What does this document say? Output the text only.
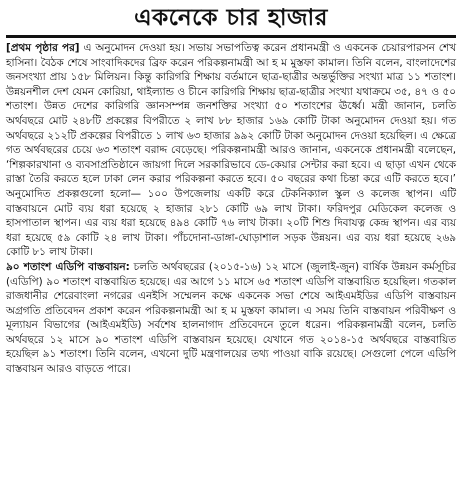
একনেকে চার হাজার

[প্রথম পৃষ্ঠার পর] এ অনুমোদন দেওয়া হয়। সভায় সভাপতিত্ব করেন প্রধানমন্ত্রী ও একনেক চেয়ারপারসন শেখ হাসিনা। বৈঠক শেষে সাংবাদিকদের ব্রিফ করেন পরিকল্পনামন্ত্রী আ হ ম মুস্তফা কামাল। তিনি বলেন, বাংলাদেশের জনসংখ্যা প্রায় ১৫৮ মিলিয়ন। কিন্তু কারিগরি শিক্ষায় বর্তমানে ছাত্র-ছাত্রীর অন্তর্ভুক্তির সংখ্যা মাত্র ১১ শতাংশ। উন্নয়নশীল দেশ যেমন কোরিয়া, থাইল্যান্ড ও চীনে কারিগরি শিক্ষায় ছাত্র-ছাত্রীর সংখ্যা যথাক্রমে ৩৫, ৪৭ ও ৫০ শতাংশ। উন্নত দেশের কারিগরি জ্ঞানসম্পন্ন জনশক্তির সংখ্যা ৫০ শতাংশের ঊর্ধ্বে। মন্ত্রী জানান, চলতি অর্থবছরে মোট ২৪৮টি প্রকল্পের বিপরীতে ২ লাখ ৮৮ হাজার ১৬৯ কোটি টাকা অনুমোদন দেওয়া হয়। গত অর্থবছরে ২১২টি প্রকল্পের বিপরীতে ১ লাখ ৬৩ হাজার ৯৯২ কোটি টাকা অনুমোদন দেওয়া হয়েছিল। এ ক্ষেত্রে গত অর্থবছরের চেয়ে ৬৩ শতাংশ বরাদ্দ বেড়েছে। পরিকল্পনামন্ত্রী আরও জানান, একনেকে প্রধানমন্ত্রী বলেছেন, ‘শিল্পকারখানা ও ব্যবসাপ্রতিষ্ঠানে জায়গা দিলে সরকারিভাবে ডে-কেয়ার সেন্টার করা হবে। এ ছাড়া এখন থেকে রাস্তা তৈরি করতে হলে ঢাকা লেন করার পরিকল্পনা করতে হবে। ৫০ বছরের কথা চিন্তা করে এটি করতে হবে।’ অনুমোদিত প্রকল্পগুলো হলো— ১০০ উপজেলায় একটি করে টেকনিক্যাল স্কুল ও কলেজ স্থাপন। এটি বাস্তবায়নে মোট ব্যয় ধরা হয়েছে ২ হাজার ২৮১ কোটি ৬৯ লাখ টাকা। ফরিদপুর মেডিকেল কলেজ ও হাসপাতাল স্থাপন। এর ব্যয় ধরা হয়েছে ৪৯৪ কোটি ৭৬ লাখ টাকা। ২০টি শিশু দিবাযত্ন কেন্দ্র স্থাপন। এর ব্যয় ধরা হয়েছে ৫৯ কোটি ২৪ লাখ টাকা। পাঁচদোনা-ডাঙ্গা-ঘোড়াশাল সড়ক উন্নয়ন। এর ব্যয় ধরা হয়েছে ২৬৯ কোটি ৮১ লাখ টাকা।

৯০ শতাংশ এডিপি বাস্তবায়ন: চলতি অর্থবছরের (২০১৫-১৬) ১২ মাসে (জুলাই-জুন) বার্ষিক উন্নয়ন কর্মসূচির (এডিপি) ৯০ শতাংশ বাস্তবায়িত হয়েছে। এর আগে ১১ মাসে ৬৫ শতাংশ এডিপি বাস্তবায়িত হয়েছিল। গতকাল রাজধানীর শেরেবাংলা নগরের এনইসি সম্মেলন কক্ষে একনেক সভা শেষে আইএমইডির এডিপি বাস্তবায়ন অগ্রগতি প্রতিবেদন প্রকাশ করেন পরিকল্পনামন্ত্রী আ হ ম মুস্তফা কামাল। এ সময় তিনি বাস্তবায়ন পরিবীক্ষণ ও মূল্যায়ন বিভাগের (আইএমইডি) সর্বশেষ হালনাগাদ প্রতিবেদনে তুলে ধরেন। পরিকল্পনামন্ত্রী বলেন, চলতি অর্থবছরে ১২ মাসে ৯০ শতাংশ এডিপি বাস্তবায়ন হয়েছে। যেখানে গত ২০১৪-১৫ অর্থবছরে বাস্তবায়িত হয়েছিল ৯১ শতাংশ। তিনি বলেন, এখনো দুটি মন্ত্রণালয়ের তথ্য পাওয়া বাকি রয়েছে। সেগুলো পেলে এডিপি বাস্তবায়ন আরও বাড়তে পারে।
